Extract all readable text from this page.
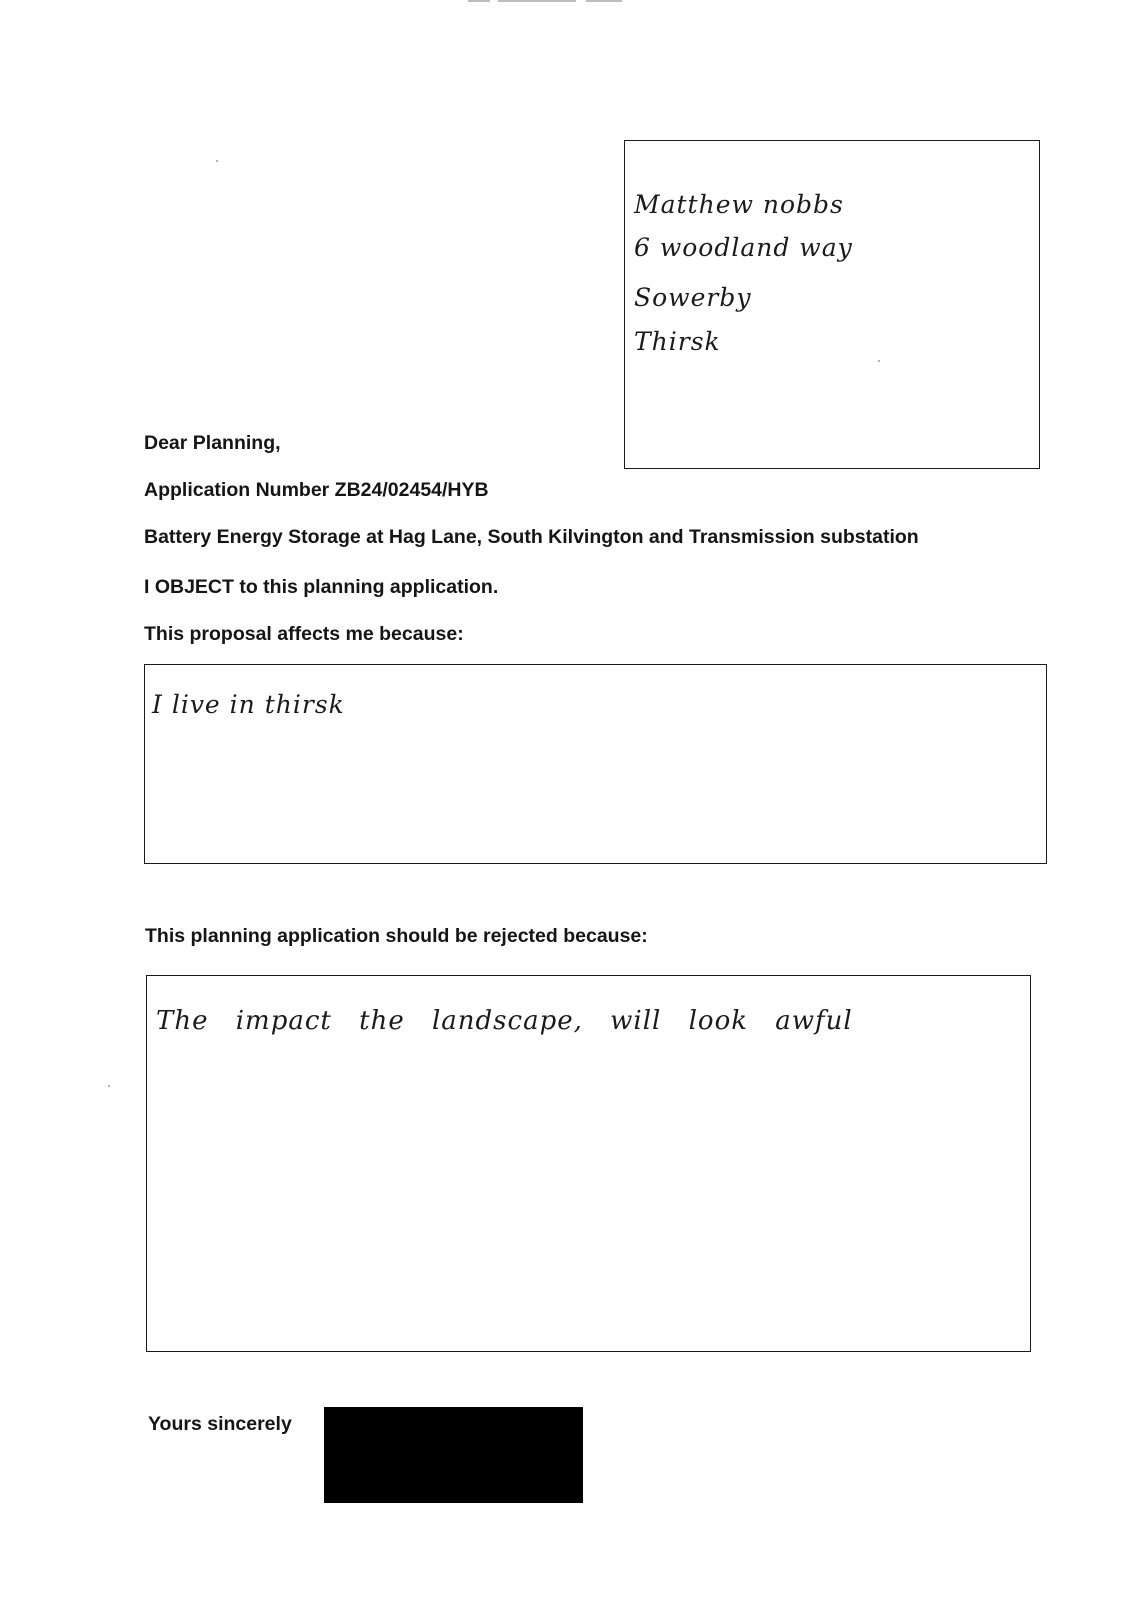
Matthew nobbs
6 woodland way
Sowerby
Thirsk
Dear Planning,
Application Number ZB24/02454/HYB
Battery Energy Storage at Hag Lane, South Kilvington and Transmission substation
I OBJECT to this planning application.
This proposal affects me because:
I live in thirsk
This planning application should be rejected because:
The impact the landscape, will look awful
Yours sincerely
